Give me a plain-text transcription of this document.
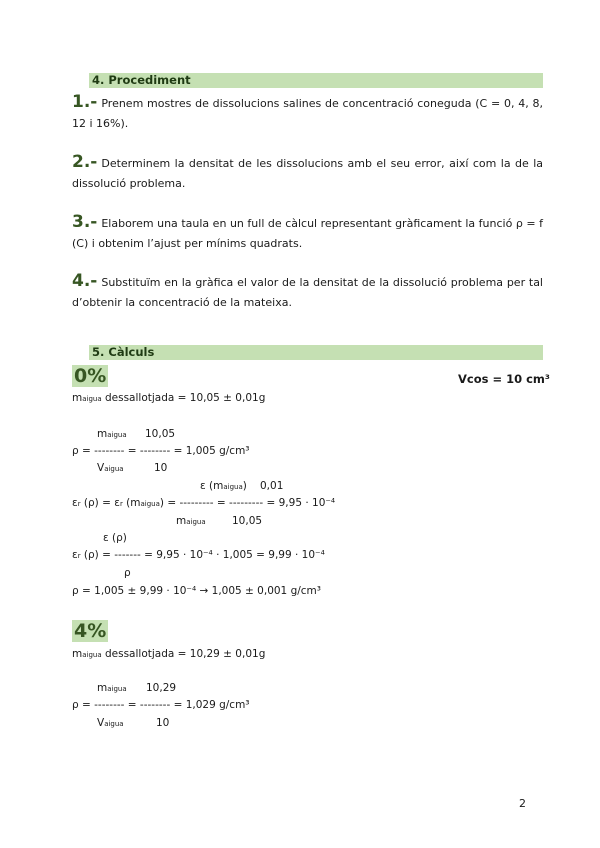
4. Procediment
1.- Prenem mostres de dissolucions salines de concentració coneguda (C = 0, 4, 8, 12 i 16%).
2.- Determinem la densitat de les dissolucions amb el seu error, així com la de la dissolució problema.
3.- Elaborem una taula en un full de càlcul representant gràficament la funció ρ = f (C) i obtenim l’ajust per mínims quadrats.
4.- Substituïm en la gràfica el valor de la densitat de la dissolució problema per tal d’obtenir la concentració de la mateixa.
5. Càlculs
0%	Vcos = 10 cm³
maigua dessallotjada = 10,05 ± 0,01g
maigua 10,05
ρ = -------- = -------- = 1,005 g/cm³
Vaigua	10
ε (maigua) 0,01
εr (ρ) = εr (maigua) = --------- = --------- = 9,95 · 10⁻⁴
maigua	10,05
ε (ρ)
εr (ρ) = ------- = 9,95 · 10⁻⁴ · 1,005 = 9,99 · 10⁻⁴
ρ
ρ = 1,005 ± 9,99 · 10⁻⁴ → 1,005 ± 0,001 g/cm³
4%
maigua dessallotjada = 10,29 ± 0,01g
maigua 10,29
ρ = -------- = -------- = 1,029 g/cm³
Vaigua	10
2
